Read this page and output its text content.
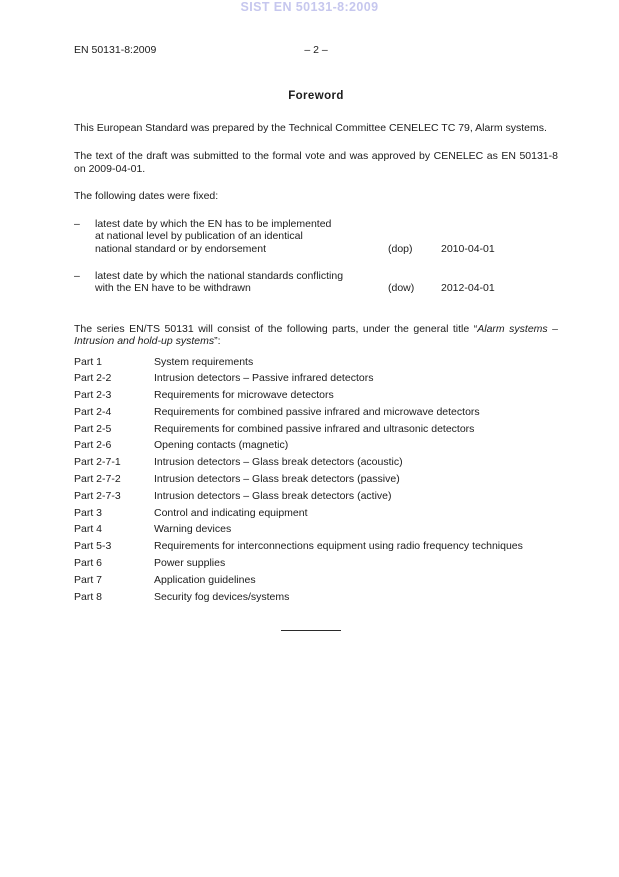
SIST EN 50131-8:2009
EN 50131-8:2009	– 2 –
Foreword
This European Standard was prepared by the Technical Committee CENELEC TC 79, Alarm systems.
The text of the draft was submitted to the formal vote and was approved by CENELEC as EN 50131-8
on 2009-04-01.
The following dates were fixed:
– latest date by which the EN has to be implemented
at national level by publication of an identical
national standard or by endorsement	(dop)	2010-04-01
– latest date by which the national standards conflicting
with the EN have to be withdrawn	(dow)	2012-04-01
The series EN/TS 50131 will consist of the following parts, under the general title “Alarm systems –
Intrusion and hold-up systems”:
Part 1	System requirements
Part 2-2	Intrusion detectors – Passive infrared detectors
Part 2-3	Requirements for microwave detectors
Part 2-4	Requirements for combined passive infrared and microwave detectors
Part 2-5	Requirements for combined passive infrared and ultrasonic detectors
Part 2-6	Opening contacts (magnetic)
Part 2-7-1	Intrusion detectors – Glass break detectors (acoustic)
Part 2-7-2	Intrusion detectors – Glass break detectors (passive)
Part 2-7-3	Intrusion detectors – Glass break detectors (active)
Part 3	Control and indicating equipment
Part 4	Warning devices
Part 5-3	Requirements for interconnections equipment using radio frequency techniques
Part 6	Power supplies
Part 7	Application guidelines
Part 8	Security fog devices/systems
